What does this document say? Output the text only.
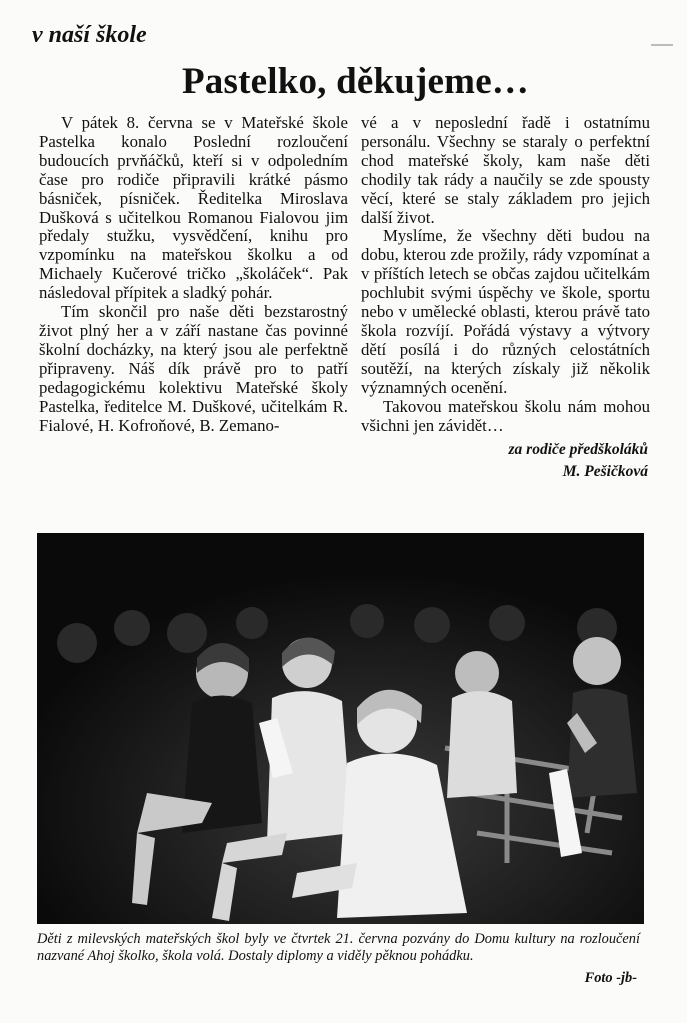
v naší škole
Pastelko, děkujeme…

V pátek 8. června se v Mateřské škole Pastelka konalo Poslední rozloučení budoucích prvňáčků, kteří si v odpoledním čase pro rodiče připravili krátké pásmo básniček, písniček. Ředitelka Miroslava Dušková s učitelkou Romanou Fialovou jim předaly stužku, vysvědčení, knihu pro vzpomínku na mateřskou školku a od Michaely Kučerové tričko „školáček“. Pak následoval přípitek a sladký pohár.

Tím skončil pro naše děti bezstarostný život plný her a v září nastane čas povinné školní docházky, na který jsou ale perfektně připraveny. Náš dík právě pro to patří pedagogickému kolektivu Mateřské školy Pastelka, ředitelce M. Duškové, učitelkám R. Fialové, H. Kofroňové, B. Zemano-

vé a v neposlední řadě i ostatnímu personálu. Všechny se staraly o perfektní chod mateřské školy, kam naše děti chodily tak rády a naučily se zde spousty věcí, které se staly základem pro jejich další život.

Myslíme, že všechny děti budou na dobu, kterou zde prožily, rády vzpomínat a v příštích letech se občas zajdou učitelkám pochlubit svými úspěchy ve škole, sportu nebo v umělecké oblasti, kterou právě tato škola rozvíjí. Pořádá výstavy a výtvory dětí posílá i do různých celostátních soutěží, na kterých získaly již několik významných ocenění.

Takovou mateřskou školu nám mohou všichni jen závidět…

za rodiče předškoláků
M. Pešičková
Děti z milevských mateřských škol byly ve čtvrtek 21. června pozvány do Domu kultury na rozloučení nazvané Ahoj školko, škola volá. Dostaly diplomy a viděly pěknou pohádku.
Foto -jb-
